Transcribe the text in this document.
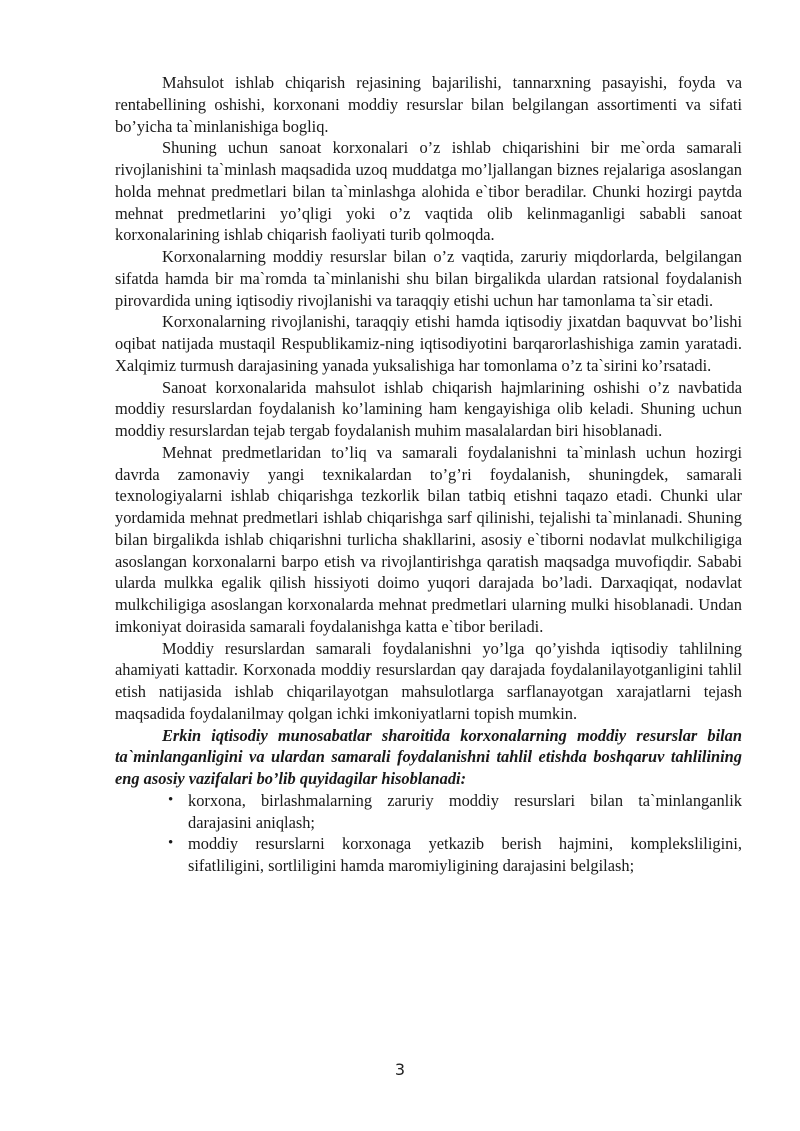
Mahsulot ishlab chiqarish rejasining bajarilishi, tannarxning pasayishi, foyda va rentabellining oshishi, korxonani moddiy resurslar bilan belgilangan assortimenti va sifati bo’yicha ta`minlanishiga bogliq.

Shuning uchun sanoat korxonalari o’z ishlab chiqarishini bir me`orda samarali rivojlanishini ta`minlash maqsadida uzoq muddatga mo’ljallangan biznes rejalariga asoslangan holda mehnat predmetlari bilan ta`minlashga alohida e`tibor beradilar. Chunki hozirgi paytda mehnat predmetlarini yo’qligi yoki o’z vaqtida olib kelinmaganligi sababli sanoat korxonalarining ishlab chiqarish faoliyati turib qolmoqda.

Korxonalarning moddiy resurslar bilan o’z vaqtida, zaruriy miqdorlarda, belgilangan sifatda hamda bir ma`romda ta`minlanishi shu bilan birgalikda ulardan ratsional foydalanish pirovardida uning iqtisodiy rivojlanishi va taraqqiy etishi uchun har tamonlama ta`sir etadi.

Korxonalarning rivojlanishi, taraqqiy etishi hamda iqtisodiy jixatdan baquvvat bo’lishi oqibat natijada mustaqil Respublikamiz-ning iqtisodiyotini barqarorlashishiga zamin yaratadi. Xalqimiz turmush darajasining yanada yuksalishiga har tomonlama o’z ta`sirini ko’rsatadi.

Sanoat korxonalarida mahsulot ishlab chiqarish hajmlarining oshishi o’z navbatida moddiy resurslardan foydalanish ko’lamining ham kengayishiga olib keladi. Shuning uchun moddiy resurslardan tejab tergab foydalanish muhim masalalardan biri hisoblanadi.

Mehnat predmetlaridan to’liq va samarali foydalanishni ta`minlash uchun hozirgi davrda zamonaviy yangi texnikalardan to’g’ri foydalanish, shuningdek, samarali texnologiyalarni ishlab chiqarishga tezkorlik bilan tatbiq etishni taqazo etadi. Chunki ular yordamida mehnat predmetlari ishlab chiqarishga sarf qilinishi, tejalishi ta`minlanadi. Shuning bilan birgalikda ishlab chiqarishni turlicha shakllarini, asosiy e`tiborni nodavlat mulkchiligiga asoslangan korxonalarni barpo etish va rivojlantirishga qaratish maqsadga muvofiqdir. Sababi ularda mulkka egalik qilish hissiyoti doimo yuqori darajada bo’ladi. Darxaqiqat, nodavlat mulkchiligiga asoslangan korxonalarda mehnat predmetlari ularning mulki hisoblanadi. Undan imkoniyat doirasida samarali foydalanishga katta e`tibor beriladi.

Moddiy resurslardan samarali foydalanishni yo’lga qo’yishda iqtisodiy tahlilning ahamiyati kattadir. Korxonada moddiy resurslardan qay darajada foydalanilayotganligini tahlil etish natijasida ishlab chiqarilayotgan mahsulotlarga sarflanayotgan xarajatlarni tejash maqsadida foydalanilmay qolgan ichki imkoniyatlarni topish mumkin.

Erkin iqtisodiy munosabatlar sharoitida korxonalarning moddiy resurslar bilan ta`minlanganligini va ulardan samarali foydalanishni tahlil etishda boshqaruv tahlilining eng asosiy vazifalari bo’lib quyidagilar hisoblanadi:

• korxona, birlashmalarning zaruriy moddiy resurslari bilan ta`minlanganlik darajasini aniqlash;
• moddiy resurslarni korxonaga yetkazib berish hajmini, kompleksliligini, sifatliligini, sortliligini hamda maromiyligining darajasini belgilash;
3
